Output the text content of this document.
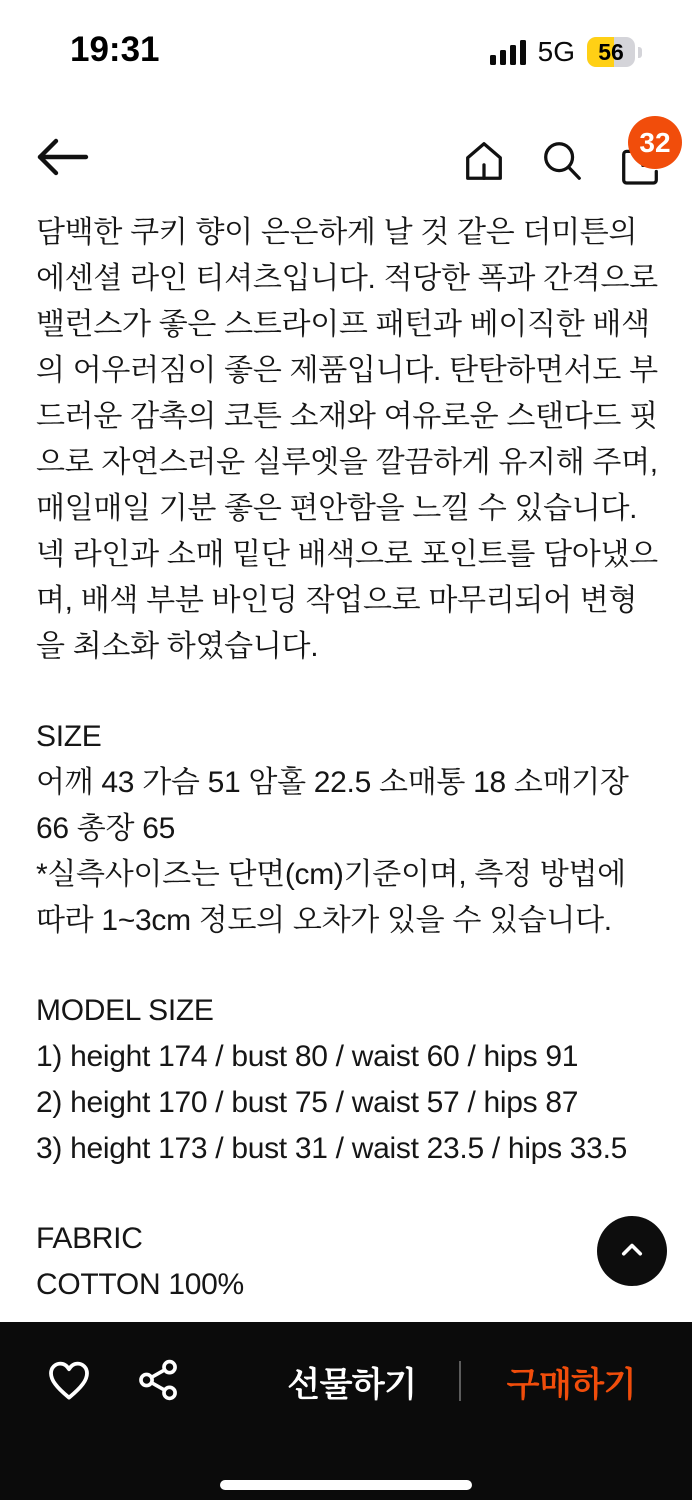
19:31	5G	56
32

담백한 쿠키 향이 은은하게 날 것 같은 더미튼의 에센셜 라인 티셔츠입니다. 적당한 폭과 간격으로 밸런스가 좋은 스트라이프 패턴과 베이직한 배색의 어우러짐이 좋은 제품입니다. 탄탄하면서도 부드러운 감촉의 코튼 소재와 여유로운 스탠다드 핏으로 자연스러운 실루엣을 깔끔하게 유지해 주며, 매일매일 기분 좋은 편안함을 느낄 수 있습니다. 넥 라인과 소매 밑단 배색으로 포인트를 담아냈으며, 배색 부분 바인딩 작업으로 마무리되어 변형을 최소화 하였습니다.

SIZE
어깨 43 가슴 51 암홀 22.5 소매통 18 소매기장 66 총장 65
*실측사이즈는 단면(cm)기준이며, 측정 방법에 따라 1~3cm 정도의 오차가 있을 수 있습니다.
MODEL SIZE
1) height 174 / bust 80 / waist 60 / hips 91
2) height 170 / bust 75 / waist 57 / hips 87
3) height 173 / bust 31 / waist 23.5 / hips 33.5
FABRIC
COTTON 100%
선물하기	구매하기
